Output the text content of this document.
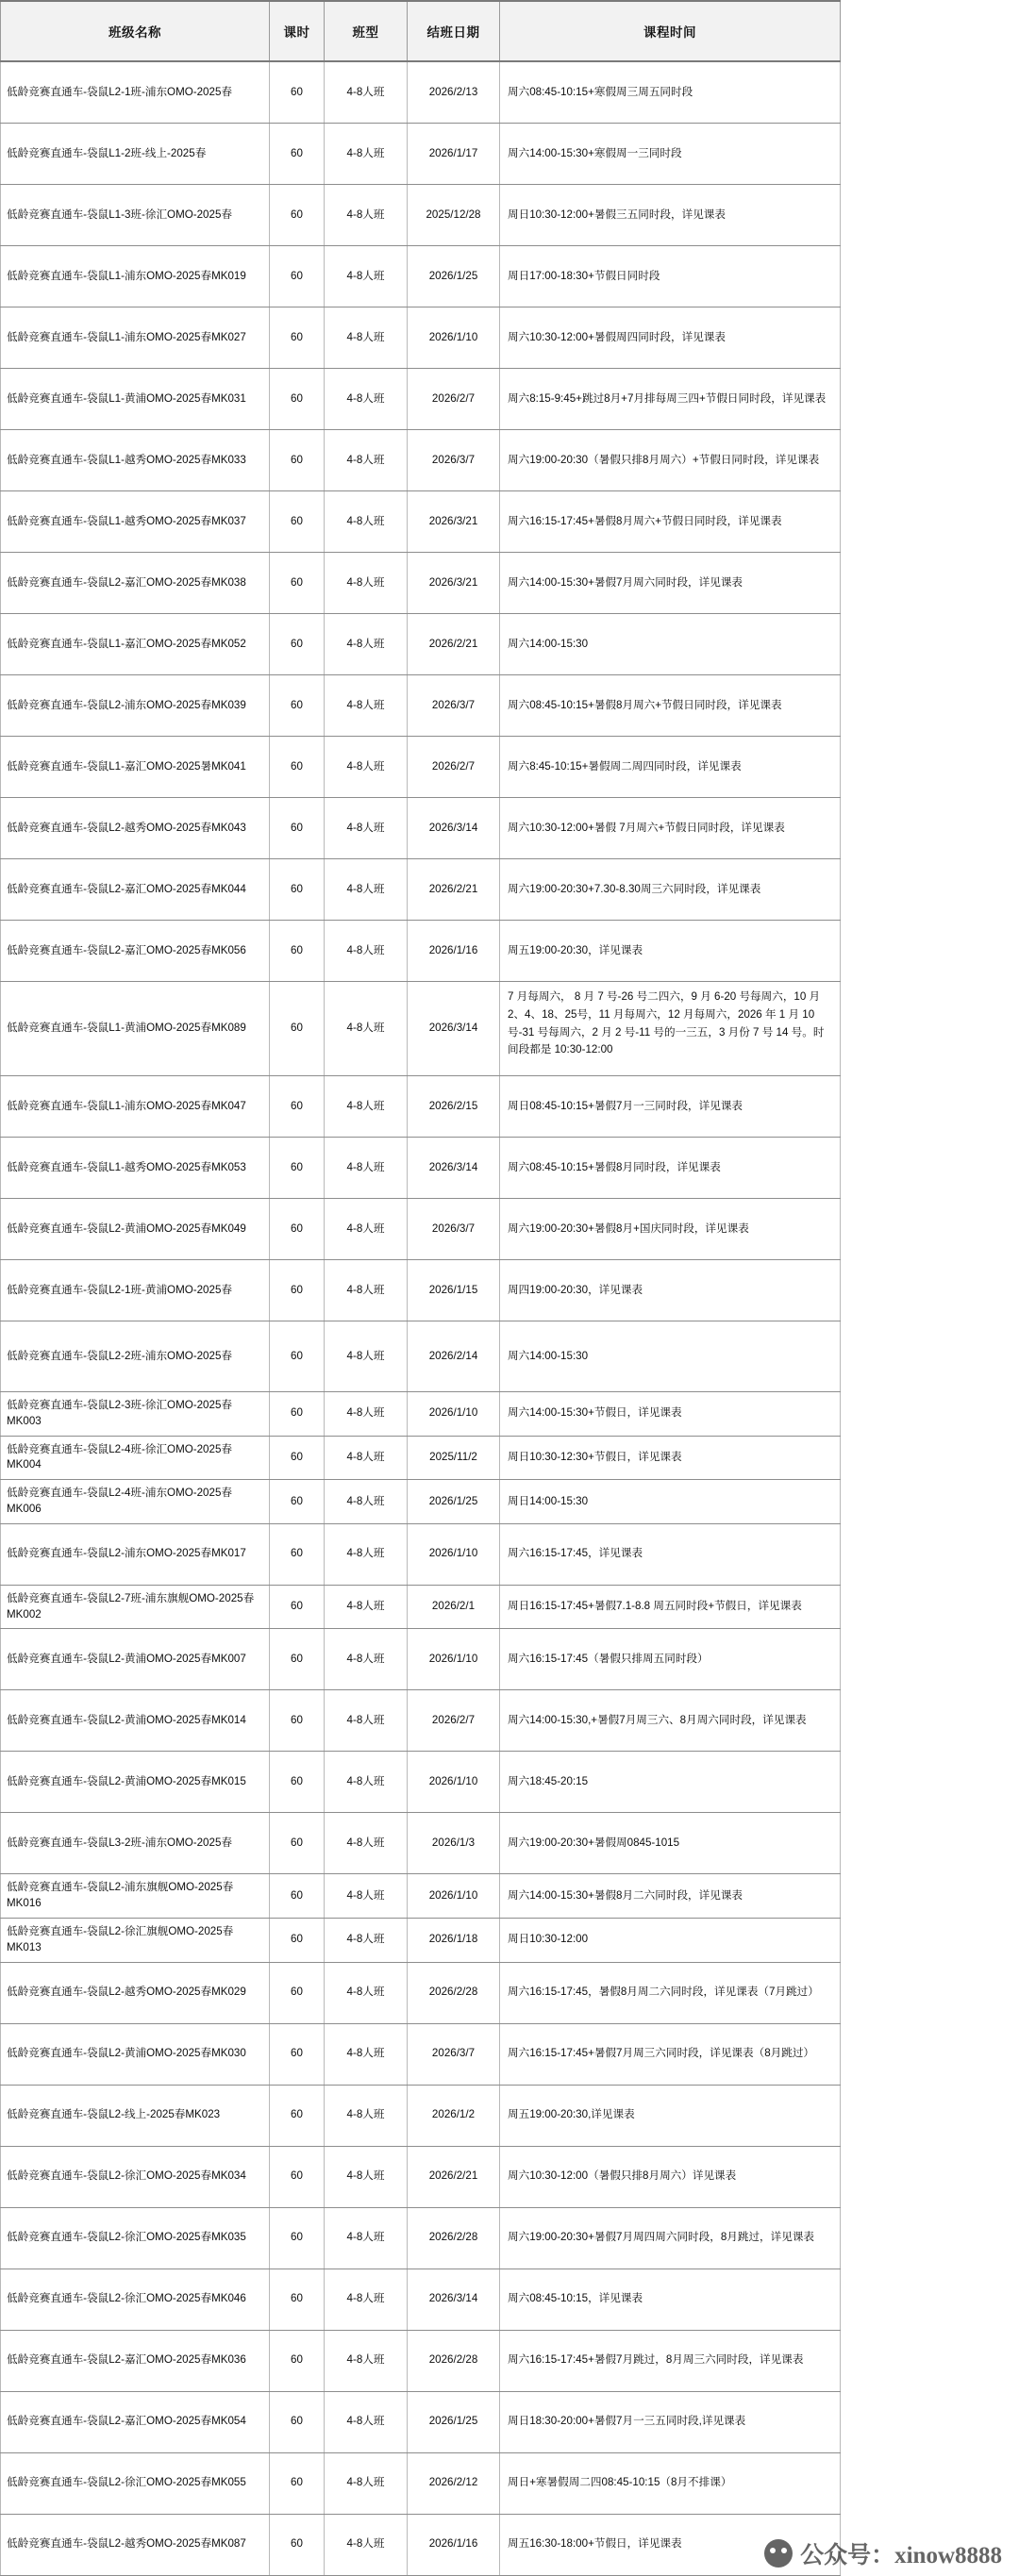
班级名称	课时	班型	结班日期	课程时间
低龄竞赛直通车-袋鼠L2-1班-浦东OMO-2025春	60	4-8人班	2026/2/13	周六08:45-10:15+寒假周三周五同时段
低龄竞赛直通车-袋鼠L1-2班-线上-2025春	60	4-8人班	2026/1/17	周六14:00-15:30+寒假周一三同时段
低龄竞赛直通车-袋鼠L1-3班-徐汇OMO-2025春	60	4-8人班	2025/12/28	周日10:30-12:00+暑假三五同时段，详见课表
低龄竞赛直通车-袋鼠L1-浦东OMO-2025春MK019	60	4-8人班	2026/1/25	周日17:00-18:30+节假日同时段
低龄竞赛直通车-袋鼠L1-浦东OMO-2025春MK027	60	4-8人班	2026/1/10	周六10:30-12:00+暑假周四同时段，详见课表
低龄竞赛直通车-袋鼠L1-黄浦OMO-2025春MK031	60	4-8人班	2026/2/7	周六8:15-9:45+跳过8月+7月排每周三四+节假日同时段，详见课表
低龄竞赛直通车-袋鼠L1-越秀OMO-2025春MK033	60	4-8人班	2026/3/7	周六19:00-20:30（暑假只排8月周六）+节假日同时段，详见课表
低龄竞赛直通车-袋鼠L1-越秀OMO-2025春MK037	60	4-8人班	2026/3/21	周六16:15-17:45+暑假8月周六+节假日同时段，详见课表
低龄竞赛直通车-袋鼠L2-嘉汇OMO-2025春MK038	60	4-8人班	2026/3/21	周六14:00-15:30+暑假7月周六同时段，详见课表
低龄竞赛直通车-袋鼠L1-嘉汇OMO-2025春MK052	60	4-8人班	2026/2/21	周六14:00-15:30
低龄竞赛直通车-袋鼠L2-浦东OMO-2025春MK039	60	4-8人班	2026/3/7	周六08:45-10:15+暑假8月周六+节假日同时段，详见课表
低龄竞赛直通车-袋鼠L1-嘉汇OMO-2025暑MK041	60	4-8人班	2026/2/7	周六8:45-10:15+暑假周二周四同时段，详见课表
低龄竞赛直通车-袋鼠L2-越秀OMO-2025春MK043	60	4-8人班	2026/3/14	周六10:30-12:00+暑假 7月周六+节假日同时段，详见课表
低龄竞赛直通车-袋鼠L2-嘉汇OMO-2025春MK044	60	4-8人班	2026/2/21	周六19:00-20:30+7.30-8.30周三六同时段，详见课表
低龄竞赛直通车-袋鼠L2-嘉汇OMO-2025春MK056	60	4-8人班	2026/1/16	周五19:00-20:30，详见课表
低龄竞赛直通车-袋鼠L1-黄浦OMO-2025春MK089	60	4-8人班	2026/3/14	7 月每周六， 8 月 7 号-26 号二四六，9 月 6-20 号每周六，10 月 2、4、18、25号，11 月每周六，12 月每周六，2026 年 1 月 10 号-31 号每周六，2 月 2 号-11 号的一三五，3 月份 7 号 14 号。时间段都是 10:30-12:00
低龄竞赛直通车-袋鼠L1-浦东OMO-2025春MK047	60	4-8人班	2026/2/15	周日08:45-10:15+暑假7月一三同时段，详见课表
低龄竞赛直通车-袋鼠L1-越秀OMO-2025春MK053	60	4-8人班	2026/3/14	周六08:45-10:15+暑假8月同时段，详见课表
低龄竞赛直通车-袋鼠L2-黄浦OMO-2025春MK049	60	4-8人班	2026/3/7	周六19:00-20:30+暑假8月+国庆同时段，详见课表
低龄竞赛直通车-袋鼠L2-1班-黄浦OMO-2025春	60	4-8人班	2026/1/15	周四19:00-20:30，详见课表
低龄竞赛直通车-袋鼠L2-2班-浦东OMO-2025春	60	4-8人班	2026/2/14	周六14:00-15:30
低龄竞赛直通车-袋鼠L2-3班-徐汇OMO-2025春MK003	60	4-8人班	2026/1/10	周六14:00-15:30+节假日，详见课表
低龄竞赛直通车-袋鼠L2-4班-徐汇OMO-2025春MK004	60	4-8人班	2025/11/2	周日10:30-12:30+节假日，详见课表
低龄竞赛直通车-袋鼠L2-4班-浦东OMO-2025春MK006	60	4-8人班	2026/1/25	周日14:00-15:30
低龄竞赛直通车-袋鼠L2-浦东OMO-2025春MK017	60	4-8人班	2026/1/10	周六16:15-17:45，详见课表
低龄竞赛直通车-袋鼠L2-7班-浦东旗舰OMO-2025春MK002	60	4-8人班	2026/2/1	周日16:15-17:45+暑假7.1-8.8 周五同时段+节假日，详见课表
低龄竞赛直通车-袋鼠L2-黄浦OMO-2025春MK007	60	4-8人班	2026/1/10	周六16:15-17:45（暑假只排周五同时段）
低龄竞赛直通车-袋鼠L2-黄浦OMO-2025春MK014	60	4-8人班	2026/2/7	周六14:00-15:30,+暑假7月周三六、8月周六同时段，详见课表
低龄竞赛直通车-袋鼠L2-黄浦OMO-2025春MK015	60	4-8人班	2026/1/10	周六18:45-20:15
低龄竞赛直通车-袋鼠L3-2班-浦东OMO-2025春	60	4-8人班	2026/1/3	周六19:00-20:30+暑假周0845-1015
低龄竞赛直通车-袋鼠L2-浦东旗舰OMO-2025春MK016	60	4-8人班	2026/1/10	周六14:00-15:30+暑假8月二六同时段，详见课表
低龄竞赛直通车-袋鼠L2-徐汇旗舰OMO-2025春MK013	60	4-8人班	2026/1/18	周日10:30-12:00
低龄竞赛直通车-袋鼠L2-越秀OMO-2025春MK029	60	4-8人班	2026/2/28	周六16:15-17:45，暑假8月周二六同时段，详见课表（7月跳过）
低龄竞赛直通车-袋鼠L2-黄浦OMO-2025春MK030	60	4-8人班	2026/3/7	周六16:15-17:45+暑假7月周三六同时段，详见课表（8月跳过）
低龄竞赛直通车-袋鼠L2-线上-2025春MK023	60	4-8人班	2026/1/2	周五19:00-20:30,详见课表
低龄竞赛直通车-袋鼠L2-徐汇OMO-2025春MK034	60	4-8人班	2026/2/21	周六10:30-12:00（暑假只排8月周六）详见课表
低龄竞赛直通车-袋鼠L2-徐汇OMO-2025春MK035	60	4-8人班	2026/2/28	周六19:00-20:30+暑假7月周四周六同时段，8月跳过，详见课表
低龄竞赛直通车-袋鼠L2-徐汇OMO-2025春MK046	60	4-8人班	2026/3/14	周六08:45-10:15，详见课表
低龄竞赛直通车-袋鼠L2-嘉汇OMO-2025春MK036	60	4-8人班	2026/2/28	周六16:15-17:45+暑假7月跳过，8月周三六同时段，详见课表
低龄竞赛直通车-袋鼠L2-嘉汇OMO-2025春MK054	60	4-8人班	2026/1/25	周日18:30-20:00+暑假7月一三五同时段,详见课表
低龄竞赛直通车-袋鼠L2-徐汇OMO-2025春MK055	60	4-8人班	2026/2/12	周日+寒暑假周二四08:45-10:15（8月不排课）
低龄竞赛直通车-袋鼠L2-越秀OMO-2025春MK087	60	4-8人班	2026/1/16	周五16:30-18:00+节假日，详见课表	公众号：xinow8888
